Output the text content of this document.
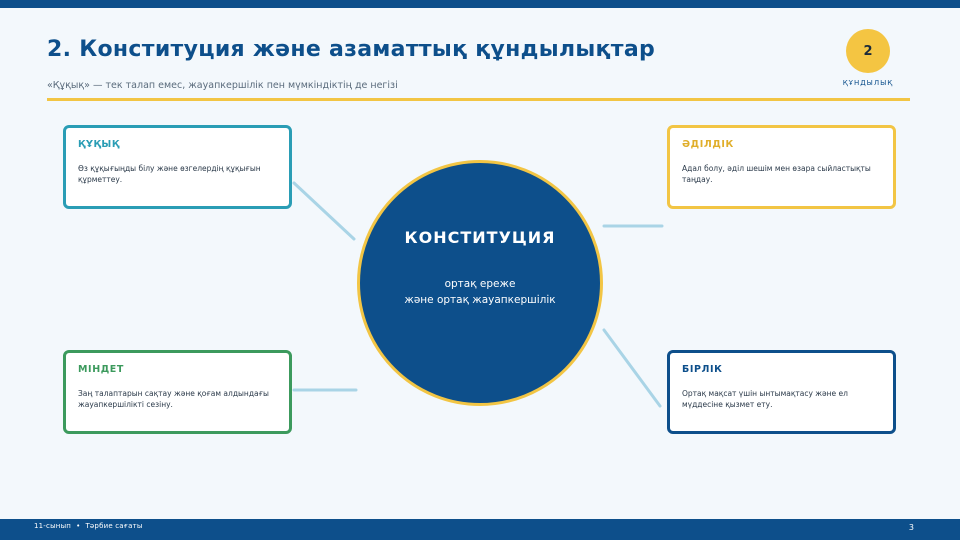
2. Конституция және азаматтық құндылықтар
«Құқық» — тек талап емес, жауапкершілік пен мүмкіндіктің де негізі
2
ҚҰНДЫЛЫҚ
ҚҰҚЫҚ
Өз құқығыңды білу және өзгелердің құқығын құрметтеу.
ӘДІЛДІК
Адал болу, әділ шешім мен өзара сыйластықты таңдау.
МІНДЕТ
Заң талаптарын сақтау және қоғам алдындағы жауапкершілікті сезіну.
БІРЛІК
Ортақ мақсат үшін ынтымақтасу және ел мүддесіне қызмет ету.
КОНСТИТУЦИЯ
ортақ ереже
және ортақ жауапкершілік
11-сынып • Тәрбие сағаты	3
